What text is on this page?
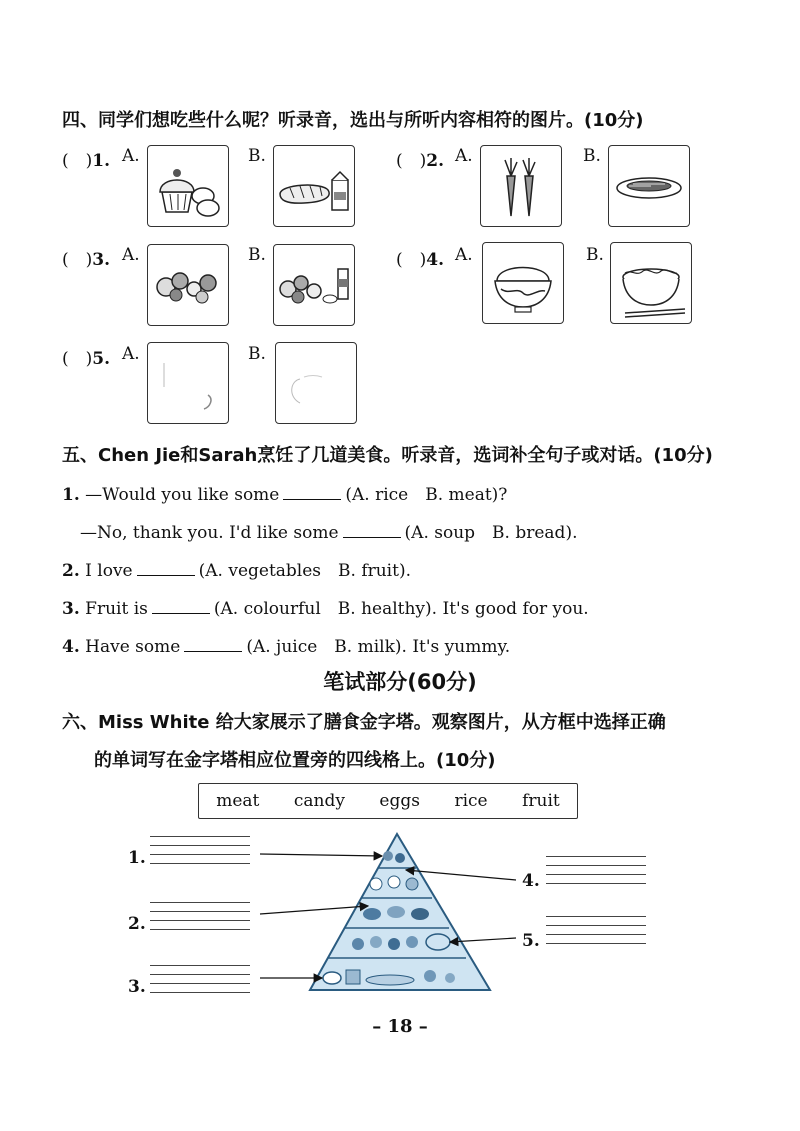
四、同学们想吃些什么呢？听录音，选出与所听内容相符的图片。(10分)
(　)1. A.	B.	(　)2. A.	B.
(　)3. A.	B.	(　)4. A.	B.
(　)5. A.	B.
五、Chen Jie和Sarah烹饪了几道美食。听录音，选词补全句子或对话。(10分)
1. —Would you like some	(A. rice　B. meat)?
—No, thank you. I'd like some	(A. soup　B. bread).
2. I love	(A. vegetables　B. fruit).
3. Fruit is	(A. colourful　B. healthy). It's good for you.
4. Have some	(A. juice　B. milk). It's yummy.
笔试部分(60分)
六、Miss White 给大家展示了膳食金字塔。观察图片，从方框中选择正确
的单词写在金字塔相应位置旁的四线格上。(10分)
meat candy eggs rice fruit
1.
2.
3.
4.
5.
– 18 –
